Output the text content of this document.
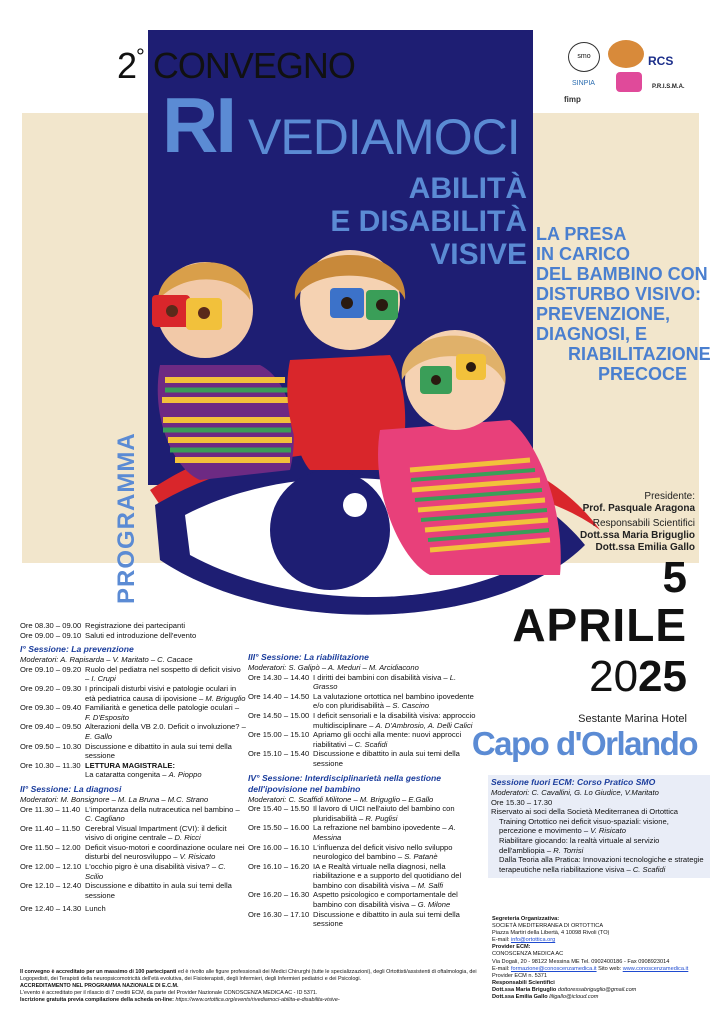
2° CONVEGNO
RI VEDIAMOCI
ABILITÀ
E DISABILITÀ
VISIVE
LA PRESA
IN CARICO
DEL BAMBINO CON
DISTURBO VISIVO:
PREVENZIONE,
DIAGNOSI, E
RIABILITAZIONE
PRECOCE
smo	RCS
SINPIA
fimp
P.R.I.S.M.A.
PROGRAMMA	Presidente:
Prof. Pasquale Aragona
Responsabili Scientifici
Dott.ssa Maria Briguglio
Dott.ssa Emilia Gallo
5
APRILE
2025
Sestante Marina Hotel
Capo d'Orlando
Ore 08.30 – 09.00 Registrazione dei partecipanti
Ore 09.00 – 09.10 Saluti ed introduzione dell'evento
I° Sessione: La prevenzione
Moderatori: A. Rapisarda – V. Maritato – C. Cacace
Ore 09.10 – 09.20 Ruolo del pediatra nel sospetto di deficit visivo – I. Crupi
Ore 09.20 – 09.30 I principali disturbi visivi e patologie oculari in età pediatrica causa di ipovisione – M. Briguglio
Ore 09.30 – 09.40 Familiarità e genetica delle patologie oculari – F. D'Esposito
Ore 09.40 – 09.50 Alterazioni della VB 2.0. Deficit o involuzione? – E. Gallo
Ore 09.50 – 10.30 Discussione e dibattito in aula sui temi della sessione
Ore 10.30 – 11.30 LETTURA MAGISTRALE:
La cataratta congenita – A. Pioppo
II° Sessione: La diagnosi
Moderatori: M. Bonsignore – M. La Bruna – M.C. Strano
Ore 11.30 – 11.40 L'importanza della nutraceutica nel bambino – C. Cagliano
Ore 11.40 – 11.50 Cerebral Visual Impartment (CVI): il deficit visivo di origine centrale – D. Ricci
Ore 11.50 – 12.00 Deficit visuo-motori e coordinazione oculare nei disturbi del neurosviluppo – V. Risicato
Ore 12.00 – 12.10 L'occhio pigro è una disabilità visiva? – C. Scilio
Ore 12.10 – 12.40 Discussione e dibattito in aula sui temi della sessione
Ore 12.40 – 14.30 Lunch
III° Sessione: La riabilitazione
Moderatori: S. Galipò – A. Meduri – M. Arcidiacono
Ore 14.30 – 14.40 I diritti dei bambini con disabilità visiva – L. Grasso
Ore 14.40 – 14.50 La valutazione ortottica nel bambino ipovedente e/o con pluridisabilità – S. Cascino
Ore 14.50 – 15.00 I deficit sensoriali e la disabilità visiva: approccio multidisciplinare – A. D'Ambrosio, A. Delli Calici
Ore 15.00 – 15.10 Apriamo gli occhi alla mente: nuovi approcci riabilitativi – C. Scafidi
Ore 15.10 – 15.40 Discussione e dibattito in aula sui temi della sessione
IV° Sessione: Interdisciplinarietà nella gestione dell'ipovisione nel bambino
Moderatori: C. Scaffidi Militone – M. Briguglio – E.Gallo
Ore 15.40 – 15.50 Il lavoro di UICI nell'aiuto del bambino con pluridisabilità – R. Puglisi
Ore 15.50 – 16.00 La refrazione nel bambino ipovedente – A. Messina
Ore 16.00 – 16.10 L'influenza del deficit visivo nello sviluppo neurologico del bambino – S. Patanè
Ore 16.10 – 16.20 IA e Realtà virtuale nella diagnosi, nella riabilitazione e a supporto del quotidiano del bambino con disabilità visiva – M. Salfi
Ore 16.20 – 16.30 Aspetto psicologico e comportamentale del bambino con disabilità visiva – G. Milone
Ore 16.30 – 17.10 Discussione e dibattito in aula sui temi della sessione
Sessione fuori ECM: Corso Pratico SMO
Moderatori: C. Cavallini, G. Lo Giudice, V.Maritato
Ore 15.30 – 17.30
Riservato ai soci della Società Mediterranea di Ortottica
Training Ortottico nei deficit visuo-spaziali: visione, percezione e movimento – V. Risicato
Riabilitare giocando: la realtà virtuale al servizio dell'ambliopia – R. Torrisi
Dalla Teoria alla Pratica: Innovazioni tecnologiche e strategie terapeutiche nella riabilitazione visiva – C. Scafidi
Segreteria Organizzativa:
SOCIETÀ MEDITERRANEA DI ORTOTTICA
Piazza Martiri della Libertà, 4 10098 Rivoli (TO)
E-mail: info@ortottica.org
Provider ECM:
CONOSCENZA MEDICA AC
Via Dogali, 20 - 98122 Messina ME Tel. 0902400186 - Fax 0908923014
E-mail: formazione@conoscenzamedica.it Sito web: www.conoscenzamedica.it
Provider ECM n. 5371
Responsabili Scientifici
Dott.ssa Maria Briguglio dottoressabriguglio@gmail.com
Dott.ssa Emilia Gallo liligallo@icloud.com
Il convegno è accreditato per un massimo di 100 partecipanti ed è rivolto alle figure professionali dei Medici Chirurghi (tutte le specializzazioni), degli Ortottisti/assistenti di oftalmologia, dei Logopedisti, dei Terapisti della neuropsicomotricità dell'età evolutiva, dei Fisioterapisti, degli Infermieri, degli Infermieri pediatrici e dei Psicologi.
ACCREDITAMENTO NEL PROGRAMMA NAZIONALE DI E.C.M.
L'evento è accreditato per il rilascio di 7 crediti ECM, da parte del Provider Nazionale CONOSCENZA MEDICA AC - ID 5371.
Iscrizione gratuita previa compilazione della scheda on-line: https://www.ortottica.org/events/rivediamoci-abilita-e-disabilita-visive-
